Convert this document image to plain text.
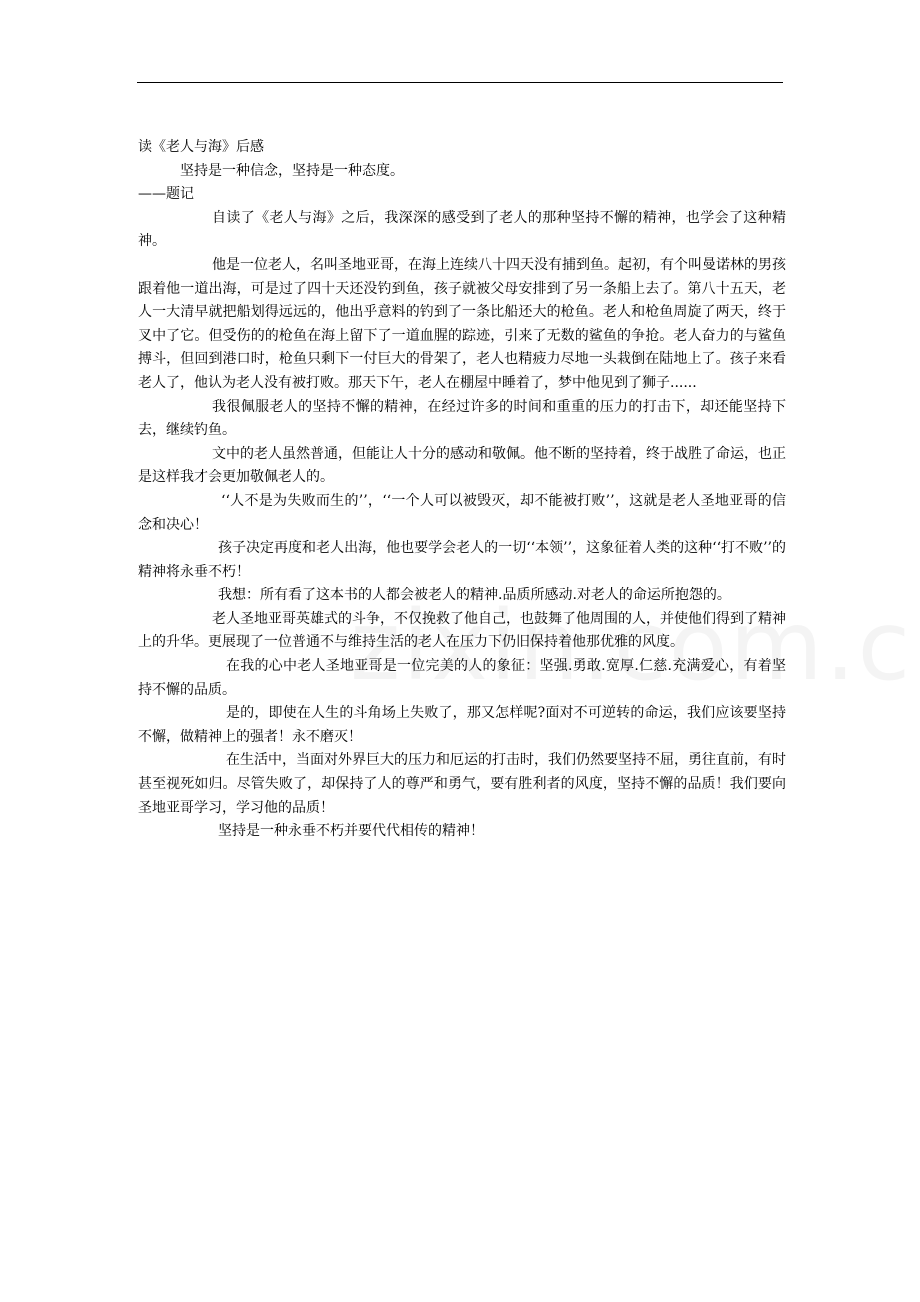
读《老人与海》后感

坚持是一种信念，坚持是一种态度。

——题记

自读了《老人与海》之后，我深深的感受到了老人的那种坚持不懈的精神，也学会了这种精神。

他是一位老人，名叫圣地亚哥，在海上连续八十四天没有捕到鱼。起初，有个叫曼诺林的男孩跟着他一道出海，可是过了四十天还没钓到鱼，孩子就被父母安排到了另一条船上去了。第八十五天，老人一大清早就把船划得远远的，他出乎意料的钓到了一条比船还大的枪鱼。老人和枪鱼周旋了两天，终于叉中了它。但受伤的的枪鱼在海上留下了一道血腥的踪迹，引来了无数的鲨鱼的争抢。老人奋力的与鲨鱼搏斗，但回到港口时，枪鱼只剩下一付巨大的骨架了，老人也精疲力尽地一头栽倒在陆地上了。孩子来看老人了，他认为老人没有被打败。那天下午，老人在棚屋中睡着了，梦中他见到了狮子......

我很佩服老人的坚持不懈的精神，在经过许多的时间和重重的压力的打击下，却还能坚持下去，继续钓鱼。

文中的老人虽然普通，但能让人十分的感动和敬佩。他不断的坚持着，终于战胜了命运，也正是这样我才会更加敬佩老人的。

‘‘人不是为失败而生的’’，‘‘一个人可以被毁灭，却不能被打败’’，这就是老人圣地亚哥的信念和决心！

孩子决定再度和老人出海，他也要学会老人的一切‘‘本领’’，这象征着人类的这种‘‘打不败’’的精神将永垂不朽！

我想：所有看了这本书的人都会被老人的精神.品质所感动.对老人的命运所抱怨的。

老人圣地亚哥英雄式的斗争，不仅挽救了他自己，也鼓舞了他周围的人，并使他们得到了精神上的升华。更展现了一位普通不与维持生活的老人在压力下仍旧保持着他那优雅的风度。

在我的心中老人圣地亚哥是一位完美的人的象征：坚强.勇敢.宽厚.仁慈.充满爱心，有着坚持不懈的品质。

是的，即使在人生的斗角场上失败了，那又怎样呢?面对不可逆转的命运，我们应该要坚持不懈，做精神上的强者！永不磨灭！

在生活中，当面对外界巨大的压力和厄运的打击时，我们仍然要坚持不屈，勇往直前，有时甚至视死如归。尽管失败了，却保持了人的尊严和勇气，要有胜利者的风度，坚持不懈的品质！我们要向圣地亚哥学习，学习他的品质！

坚持是一种永垂不朽并要代代相传的精神！
